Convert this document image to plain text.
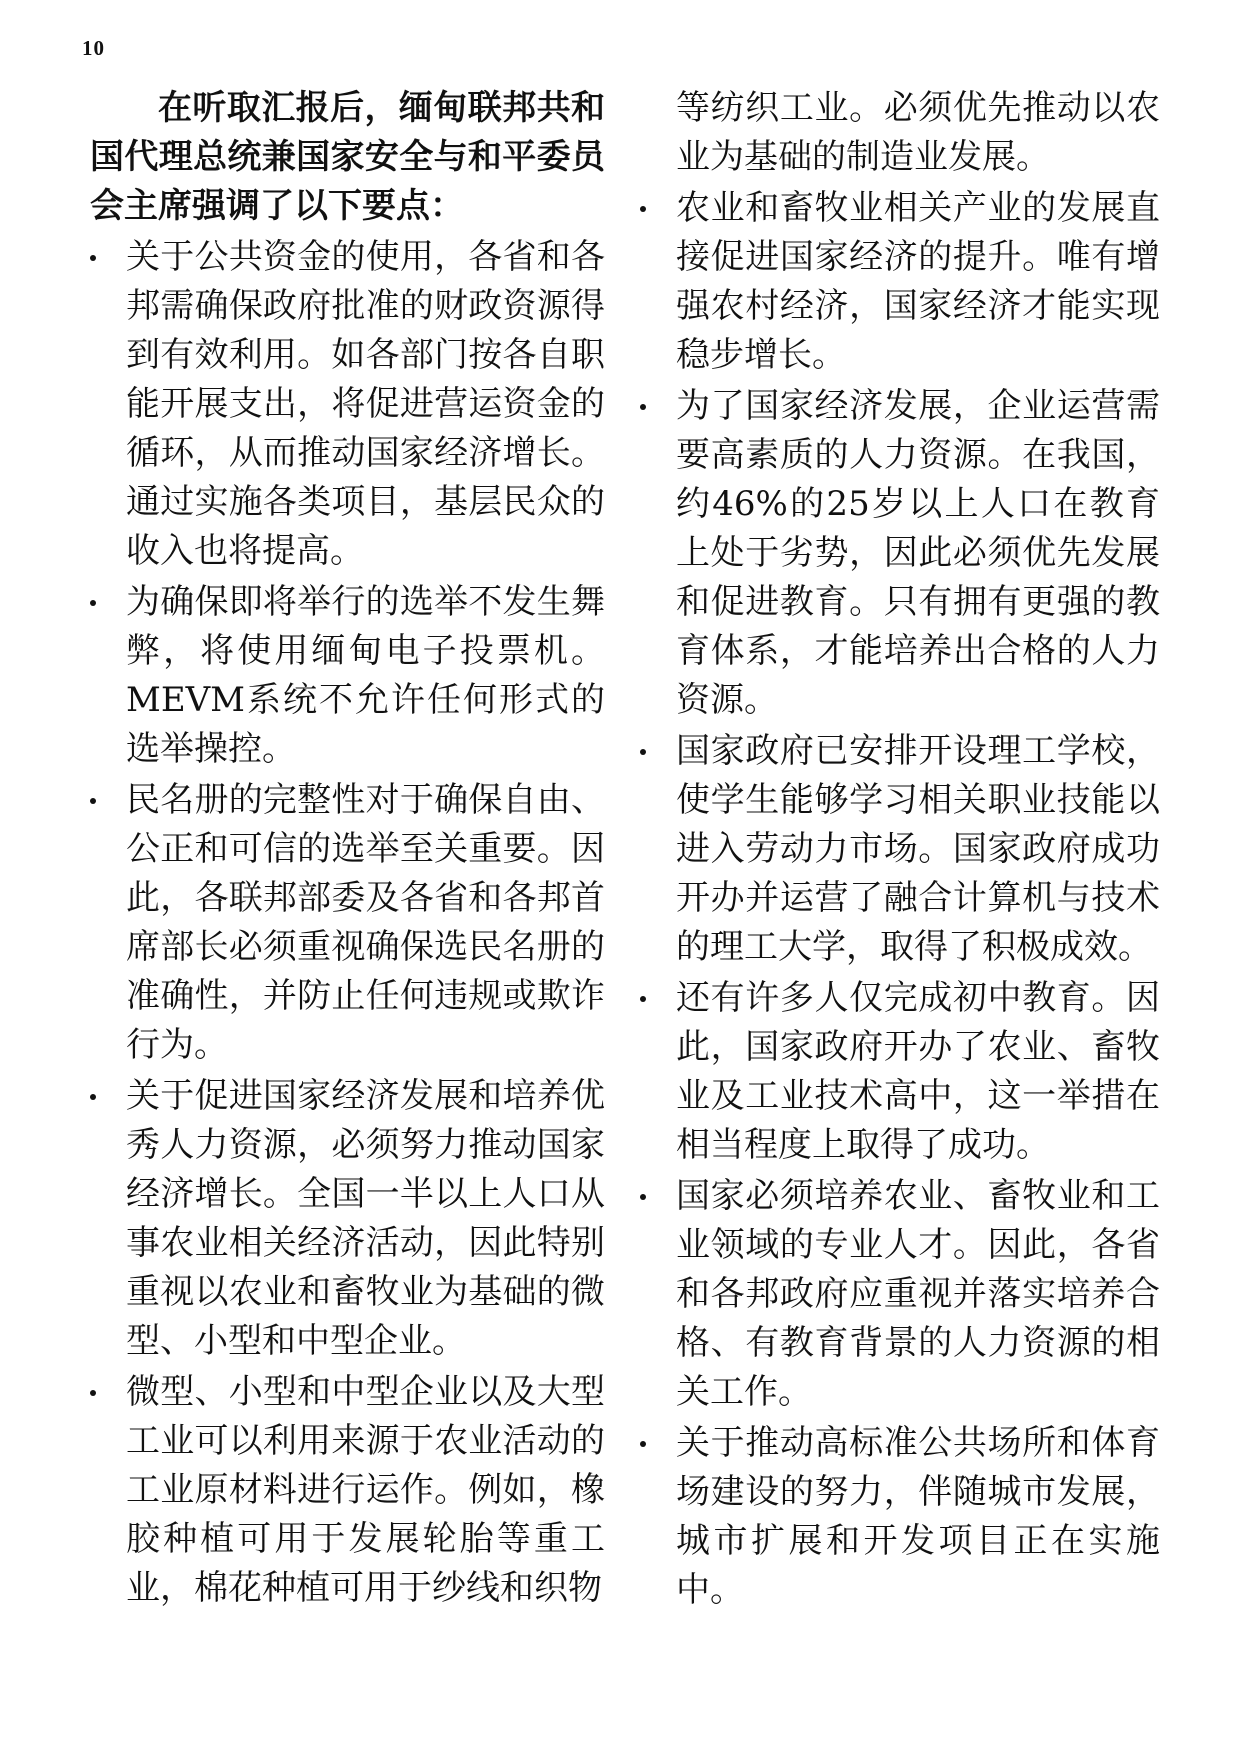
10

在听取汇报后，缅甸联邦共和国代理总统兼国家安全与和平委员会主席强调了以下要点：

关于公共资金的使用，各省和各邦需确保政府批准的财政资源得到有效利用。如各部门按各自职能开展支出，将促进营运资金的循环，从而推动国家经济增长。通过实施各类项目，基层民众的收入也将提高。
为确保即将举行的选举不发生舞弊，将使用缅甸电子投票机。MEVM系统不允许任何形式的选举操控。
民名册的完整性对于确保自由、公正和可信的选举至关重要。因此，各联邦部委及各省和各邦首席部长必须重视确保选民名册的准确性，并防止任何违规或欺诈行为。
关于促进国家经济发展和培养优秀人力资源，必须努力推动国家经济增长。全国一半以上人口从事农业相关经济活动，因此特别重视以农业和畜牧业为基础的微型、小型和中型企业。
微型、小型和中型企业以及大型工业可以利用来源于农业活动的工业原材料进行运作。例如，橡胶种植可用于发展轮胎等重工业，棉花种植可用于纱线和织物

等纺织工业。必须优先推动以农业为基础的制造业发展。

农业和畜牧业相关产业的发展直接促进国家经济的提升。唯有增强农村经济，国家经济才能实现稳步增长。
为了国家经济发展，企业运营需要高素质的人力资源。在我国，约46%的25岁以上人口在教育上处于劣势，因此必须优先发展和促进教育。只有拥有更强的教育体系，才能培养出合格的人力资源。
国家政府已安排开设理工学校，使学生能够学习相关职业技能以进入劳动力市场。国家政府成功开办并运营了融合计算机与技术的理工大学，取得了积极成效。
还有许多人仅完成初中教育。因此，国家政府开办了农业、畜牧业及工业技术高中，这一举措在相当程度上取得了成功。
国家必须培养农业、畜牧业和工业领域的专业人才。因此，各省和各邦政府应重视并落实培养合格、有教育背景的人力资源的相关工作。
关于推动高标准公共场所和体育场建设的努力，伴随城市发展，城市扩展和开发项目正在实施中。
